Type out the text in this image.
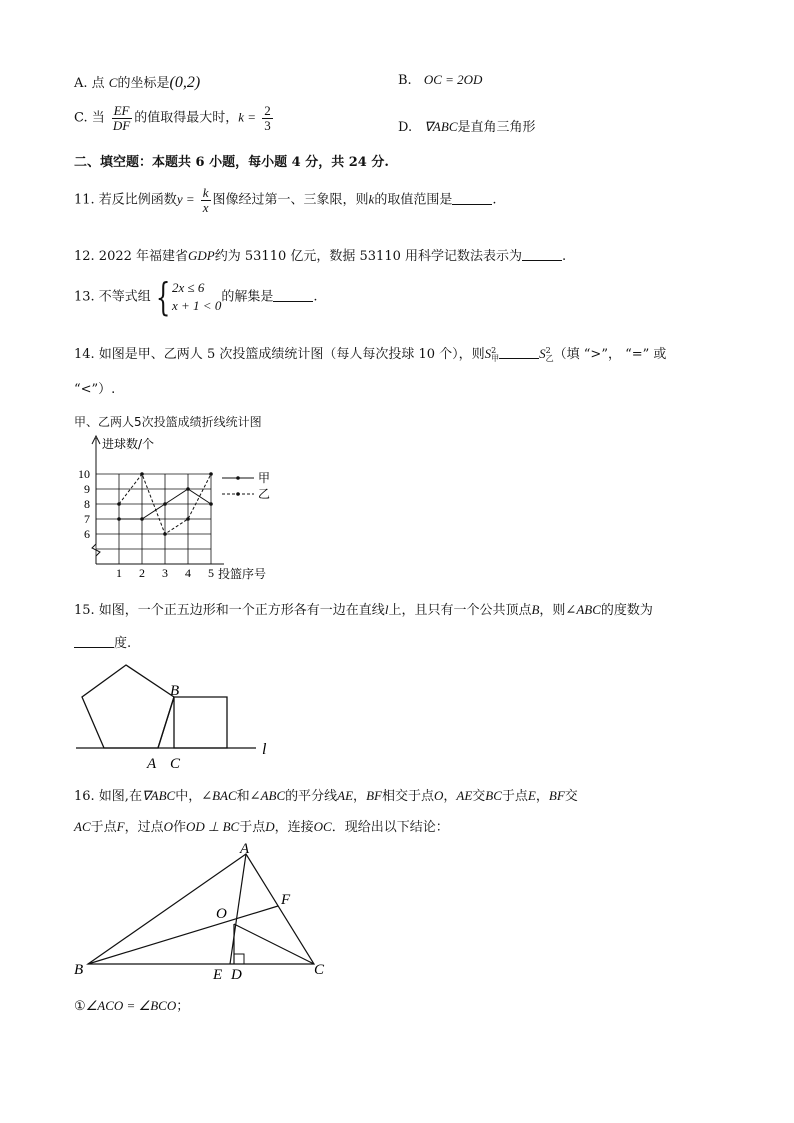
A. 点 C的坐标是(0,2)	B. OC = 2OD
C. 当 $\frac{EF}{DF}$ 的值取得最大时，$k = \frac{2}{3}$	D. ∇ABC是直角三角形
二、填空题：本题共 6 小题，每小题 4 分，共 24 分.
11. 若反比例函数$y = \frac{k}{x}$ 图像经过第一、三象限，则k的取值范围是	.
12. 2022 年福建省GDP约为 53110 亿元，数据 53110 用科学记数法表示为	.
13. 不等式组 { 2x ≤ 6
x + 1 < 0
的解集是	.
14. 如图是甲、乙两人 5 次投篮成绩统计图（每人每次投球 10 个），则S 2
甲	S 2
乙 （填 “>”， “=” 或
“<”）.
甲、乙两人5次投篮成绩折线统计图
6
7
8
9
10
1 2 3 4 5
进球数/个
投篮序号
甲
乙
15. 如图，一个正五边形和一个正方形各有一边在直线l上，且只有一个公共顶点B，则∠ABC的度数为
度.
B
A C
l
16. 如图,在∇ABC中，∠BAC和∠ABC的平分线AE，BF相交于点O，AE交BC于点E，BF交
AC于点F，过点O作OD ⊥ BC于点D，连接OC．现给出以下结论：
A
B	C
O
F
E D
①∠ACO = ∠BCO；
